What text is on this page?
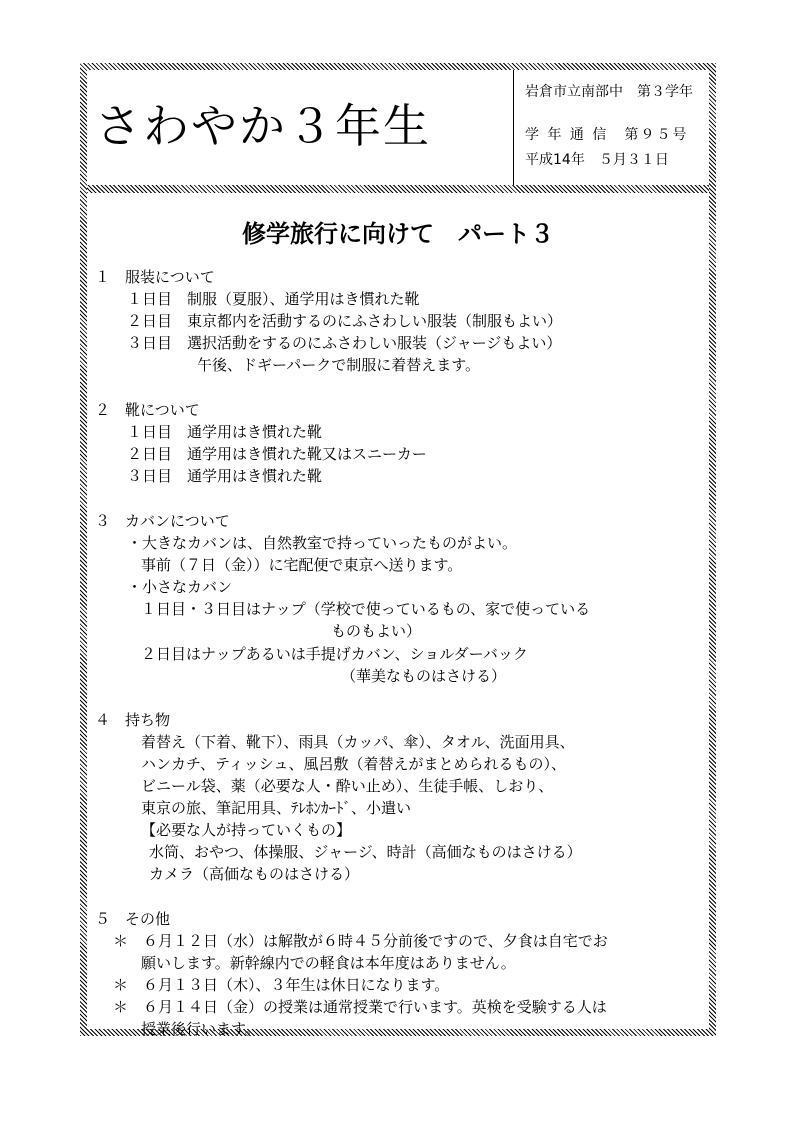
さわやか３年生
岩倉市立南部中　第３学年
学 年 通 信　第９５号
平成14年　５月３１日
修学旅行に向けて　パート３
１　服装について
１日目　制服（夏服）、通学用はき慣れた靴
２日目　東京都内を活動するのにふさわしい服装（制服もよい）
３日目　選択活動をするのにふさわしい服装（ジャージもよい）
午後、ドギーパークで制服に着替えます。
２　靴について
１日目　通学用はき慣れた靴
２日目　通学用はき慣れた靴又はスニーカー
３日目　通学用はき慣れた靴
３　カバンについて
・大きなカバンは、自然教室で持っていったものがよい。
事前（７日（金））に宅配便で東京へ送ります。
・小さなカバン
１日目・３日目はナップ（学校で使っているもの、家で使っている
ものもよい）
２日目はナップあるいは手提げカバン、ショルダーバック
（華美なものはさける）
４　持ち物
着替え（下着、靴下）、雨具（カッパ、傘）、タオル、洗面用具、
ハンカチ、ティッシュ、風呂敷（着替えがまとめられるもの）、
ビニール袋、薬（必要な人・酔い止め）、生徒手帳、しおり、
東京の旅、筆記用具、ﾃﾚﾎﾝｶｰﾄﾞ、小遣い
【必要な人が持っていくもの】
水筒、おやつ、体操服、ジャージ、時計（高価なものはさける）
カメラ（高価なものはさける）
５　その他
＊　６月１２日（水）は解散が６時４５分前後ですので、夕食は自宅でお
願いします。新幹線内での軽食は本年度はありません。
＊　６月１３日（木）、３年生は休日になります。
＊　６月１４日（金）の授業は通常授業で行います。英検を受験する人は
授業後行います。
